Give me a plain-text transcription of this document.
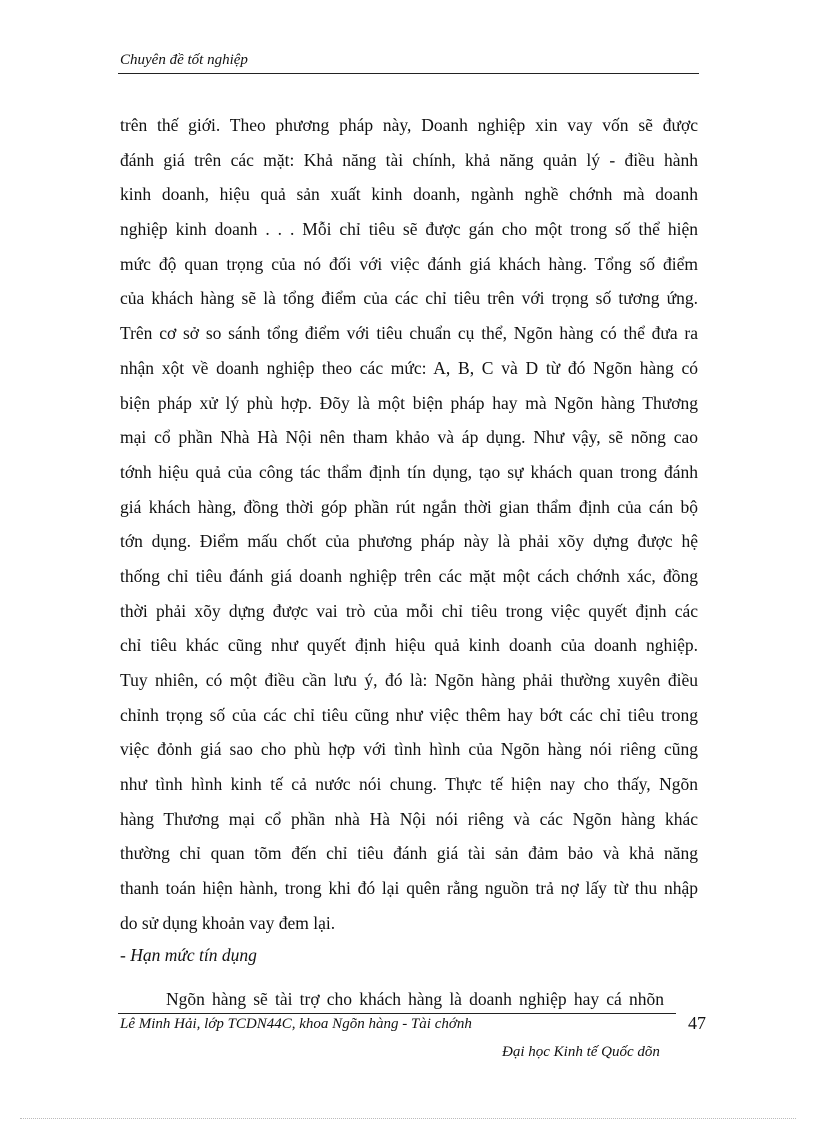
Chuyên đề tốt nghiệp
trên thế giới. Theo phương pháp này, Doanh nghiệp xin vay vốn sẽ được
đánh giá trên các mặt: Khả năng tài chính, khả năng quản lý - điều hành
kinh doanh, hiệu quả sản xuất kinh doanh, ngành nghề chớnh mà doanh
nghiệp kinh doanh . . . Mỗi chỉ tiêu sẽ được gán cho một trong số thể hiện
mức độ quan trọng của nó đối với việc đánh giá khách hàng. Tổng số điểm
của khách hàng sẽ là tổng điểm của các chỉ tiêu trên với trọng số tương ứng.
Trên cơ sở so sánh tổng điểm với tiêu chuẩn cụ thể, Ngõn hàng có thể đưa ra
nhận xột về doanh nghiệp theo các mức: A, B, C và D từ đó Ngõn hàng có
biện pháp xử lý phù hợp. Đõy là một biện pháp hay mà Ngõn hàng Thương
mại cổ phần Nhà Hà Nội nên tham khảo và áp dụng. Như vậy, sẽ nõng cao
tớnh hiệu quả của công tác thẩm định tín dụng, tạo sự khách quan trong đánh
giá khách hàng, đồng thời góp phần rút ngắn thời gian thẩm định của cán bộ
tớn dụng. Điểm mấu chốt của phương pháp này là phải xõy dựng được hệ
thống chỉ tiêu đánh giá doanh nghiệp trên các mặt một cách chớnh xác, đồng
thời phải xõy dựng được vai trò của mỗi chỉ tiêu trong việc quyết định các
chỉ tiêu khác cũng như quyết định hiệu quả kinh doanh của doanh nghiệp.
Tuy nhiên, có một điều cần lưu ý, đó là: Ngõn hàng phải thường xuyên điều
chỉnh trọng số của các chỉ tiêu cũng như việc thêm hay bớt các chỉ tiêu trong
việc đỏnh giá sao cho phù hợp với tình hình của Ngõn hàng nói riêng cũng
như tình hình kinh tế cả nước nói chung. Thực tế hiện nay cho thấy, Ngõn
hàng Thương mại cổ phần nhà Hà Nội nói riêng và các Ngõn hàng khác
thường chỉ quan tõm đến chỉ tiêu đánh giá tài sản đảm bảo và khả năng
thanh toán hiện hành, trong khi đó lại quên rằng nguồn trả nợ lấy từ thu nhập
do sử dụng khoản vay đem lại.
- Hạn mức tín dụng
Ngõn hàng sẽ tài trợ cho khách hàng là doanh nghiệp hay cá nhõn
Lê Minh Hải, lớp TCDN44C, khoa Ngõn hàng - Tài chớnh	47
Đại học Kinh tế Quốc dõn
